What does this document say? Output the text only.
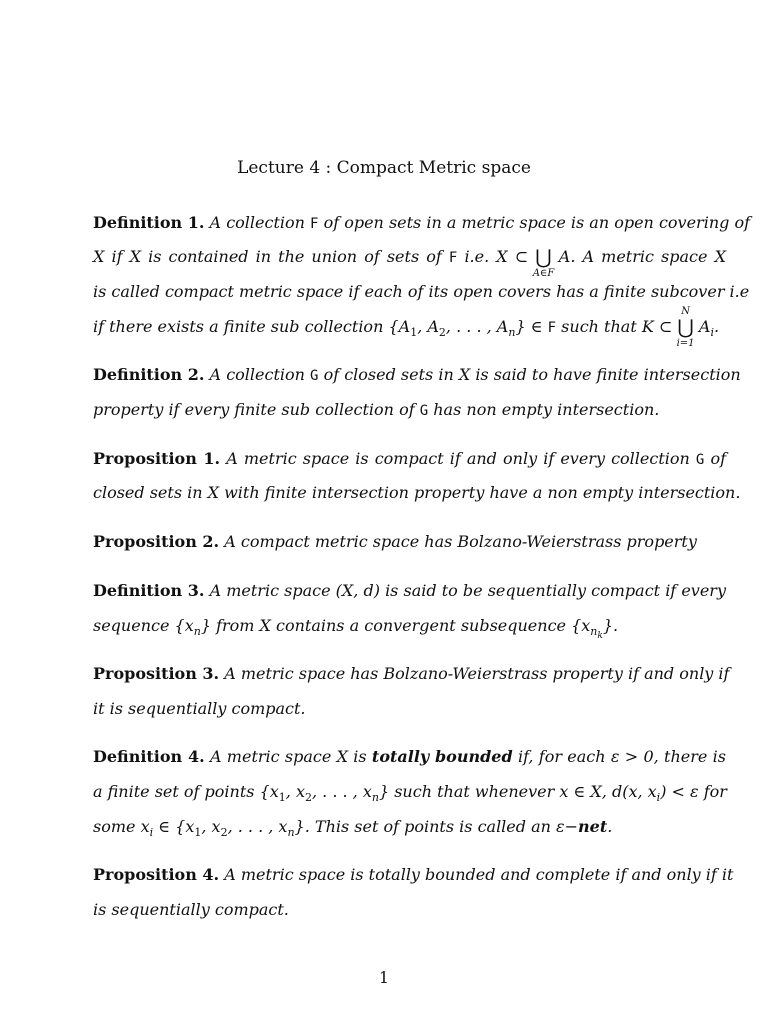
Lecture 4 : Compact Metric space
Definition 1. A collection F of open sets in a metric space is an open covering of
X if X is contained in the union of sets of F i.e. X ⊂ ⋃
A∈F
A. A metric space X
is called compact metric space if each of its open covers has a finite subcover i.e
if there exists a finite sub collection {$A_1$, $A_2$, . . . , $A_n$} ∈ F such that K ⊂
N
⋃
i=1
$A_i$.
Definition 2. A collection G of closed sets in X is said to have finite intersection
property if every finite sub collection of G has non empty intersection.
Proposition 1. A metric space is compact if and only if every collection G of
closed sets in X with finite intersection property have a non empty intersection.
Proposition 2. A compact metric space has Bolzano-Weierstrass property
Definition 3. A metric space (X, d) is said to be sequentially compact if every
sequence $\{x_n\}$ from X contains a convergent subsequence $\{x_{n_k}\}$.
Proposition 3. A metric space has Bolzano-Weierstrass property if and only if
it is sequentially compact.
Definition 4. A metric space X is totally bounded if, for each ε > 0, there is
a finite set of points {$x_1$, $x_2$, . . . , $x_n$} such that whenever x ∈ X, d(x, $x_i) < \varepsilon$ for
some $x_i$ ∈ {$x_1$, $x_2$, . . . , $x_n$}. This set of points is called an ε−net.
Proposition 4. A metric space is totally bounded and complete if and only if it
is sequentially compact.
1
